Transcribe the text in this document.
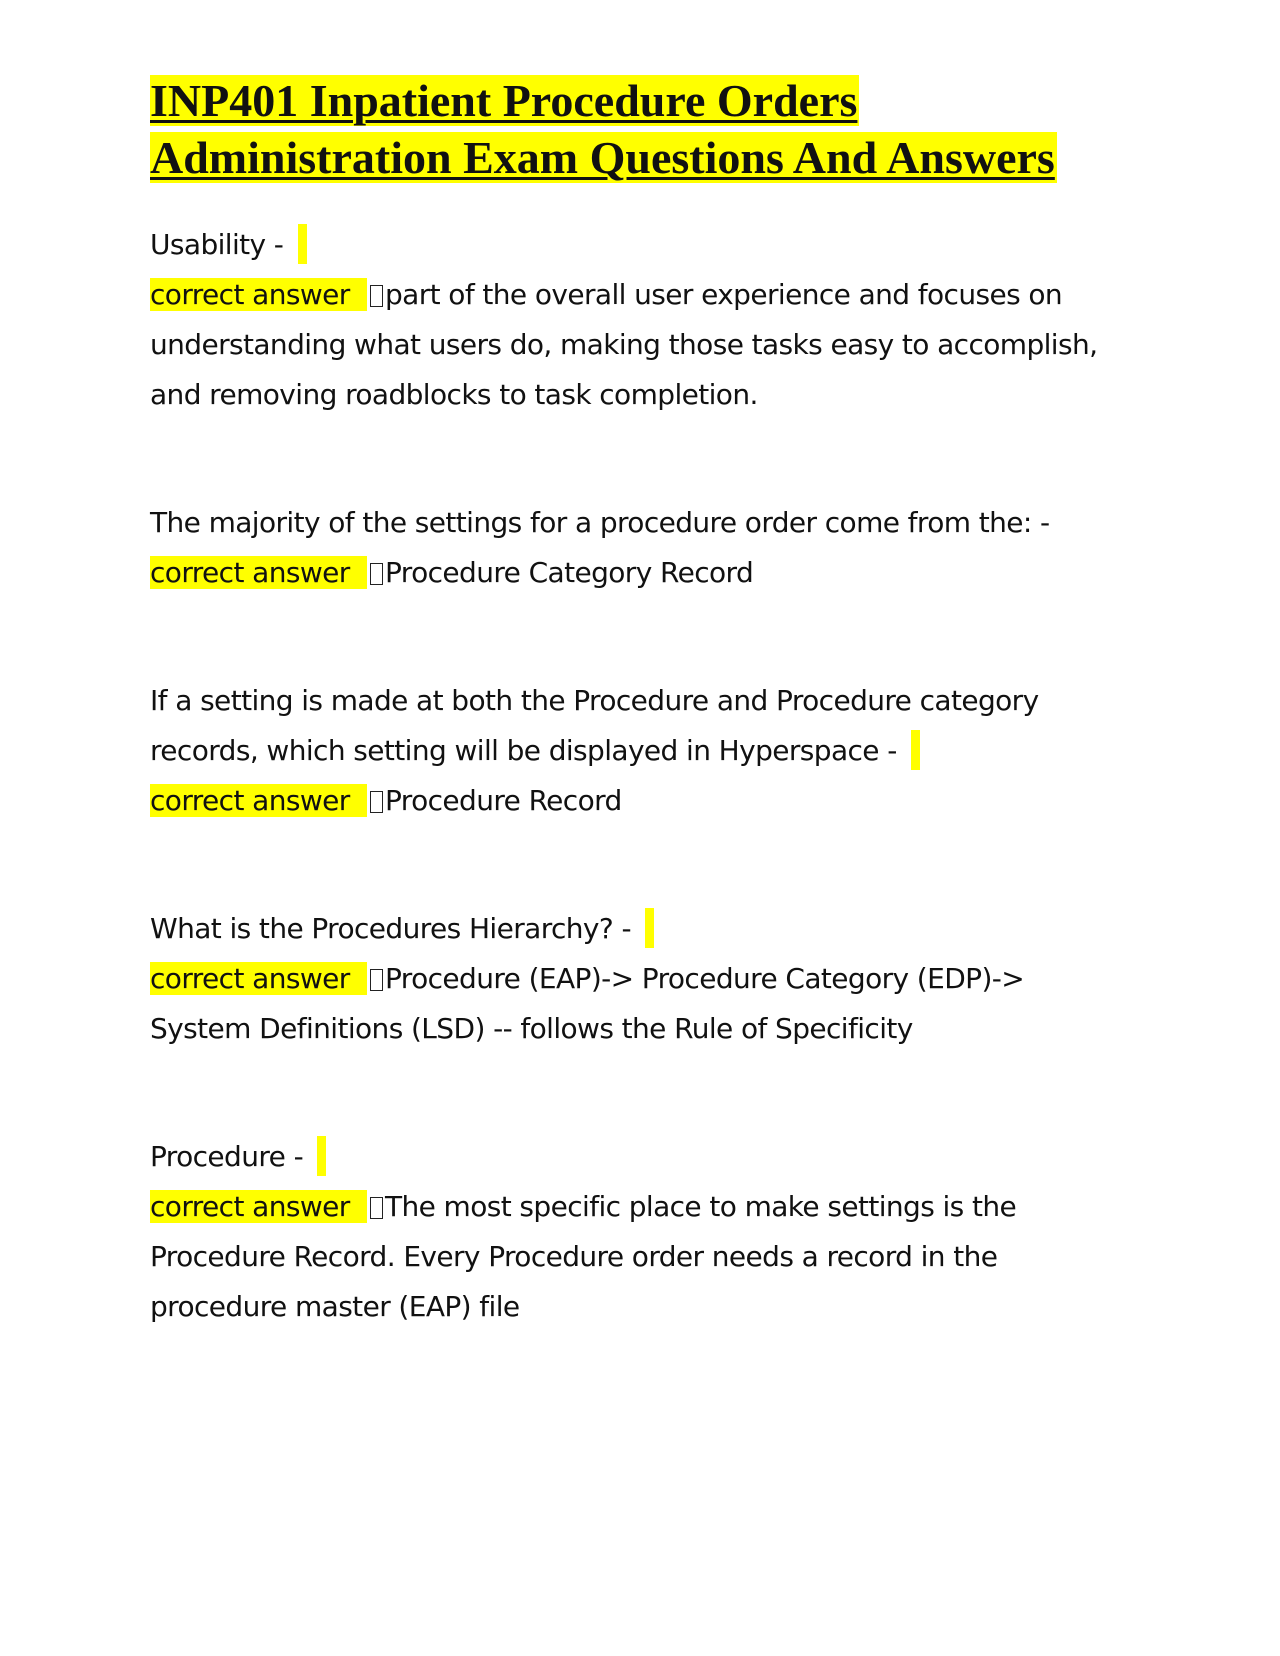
INP401 Inpatient Procedure Orders Administration Exam Questions And Answers

Usability -

correct answer part of the overall user experience and focuses on understanding what users do, making those tasks easy to accomplish, and removing roadblocks to task completion.

The majority of the settings for a procedure order come from the: -

correct answer Procedure Category Record

If a setting is made at both the Procedure and Procedure category records, which setting will be displayed in Hyperspace -

correct answer Procedure Record

What is the Procedures Hierarchy? -

correct answer Procedure (EAP)-> Procedure Category (EDP)-> System Definitions (LSD) -- follows the Rule of Specificity

Procedure -

correct answer The most specific place to make settings is the Procedure Record. Every Procedure order needs a record in the procedure master (EAP) file
